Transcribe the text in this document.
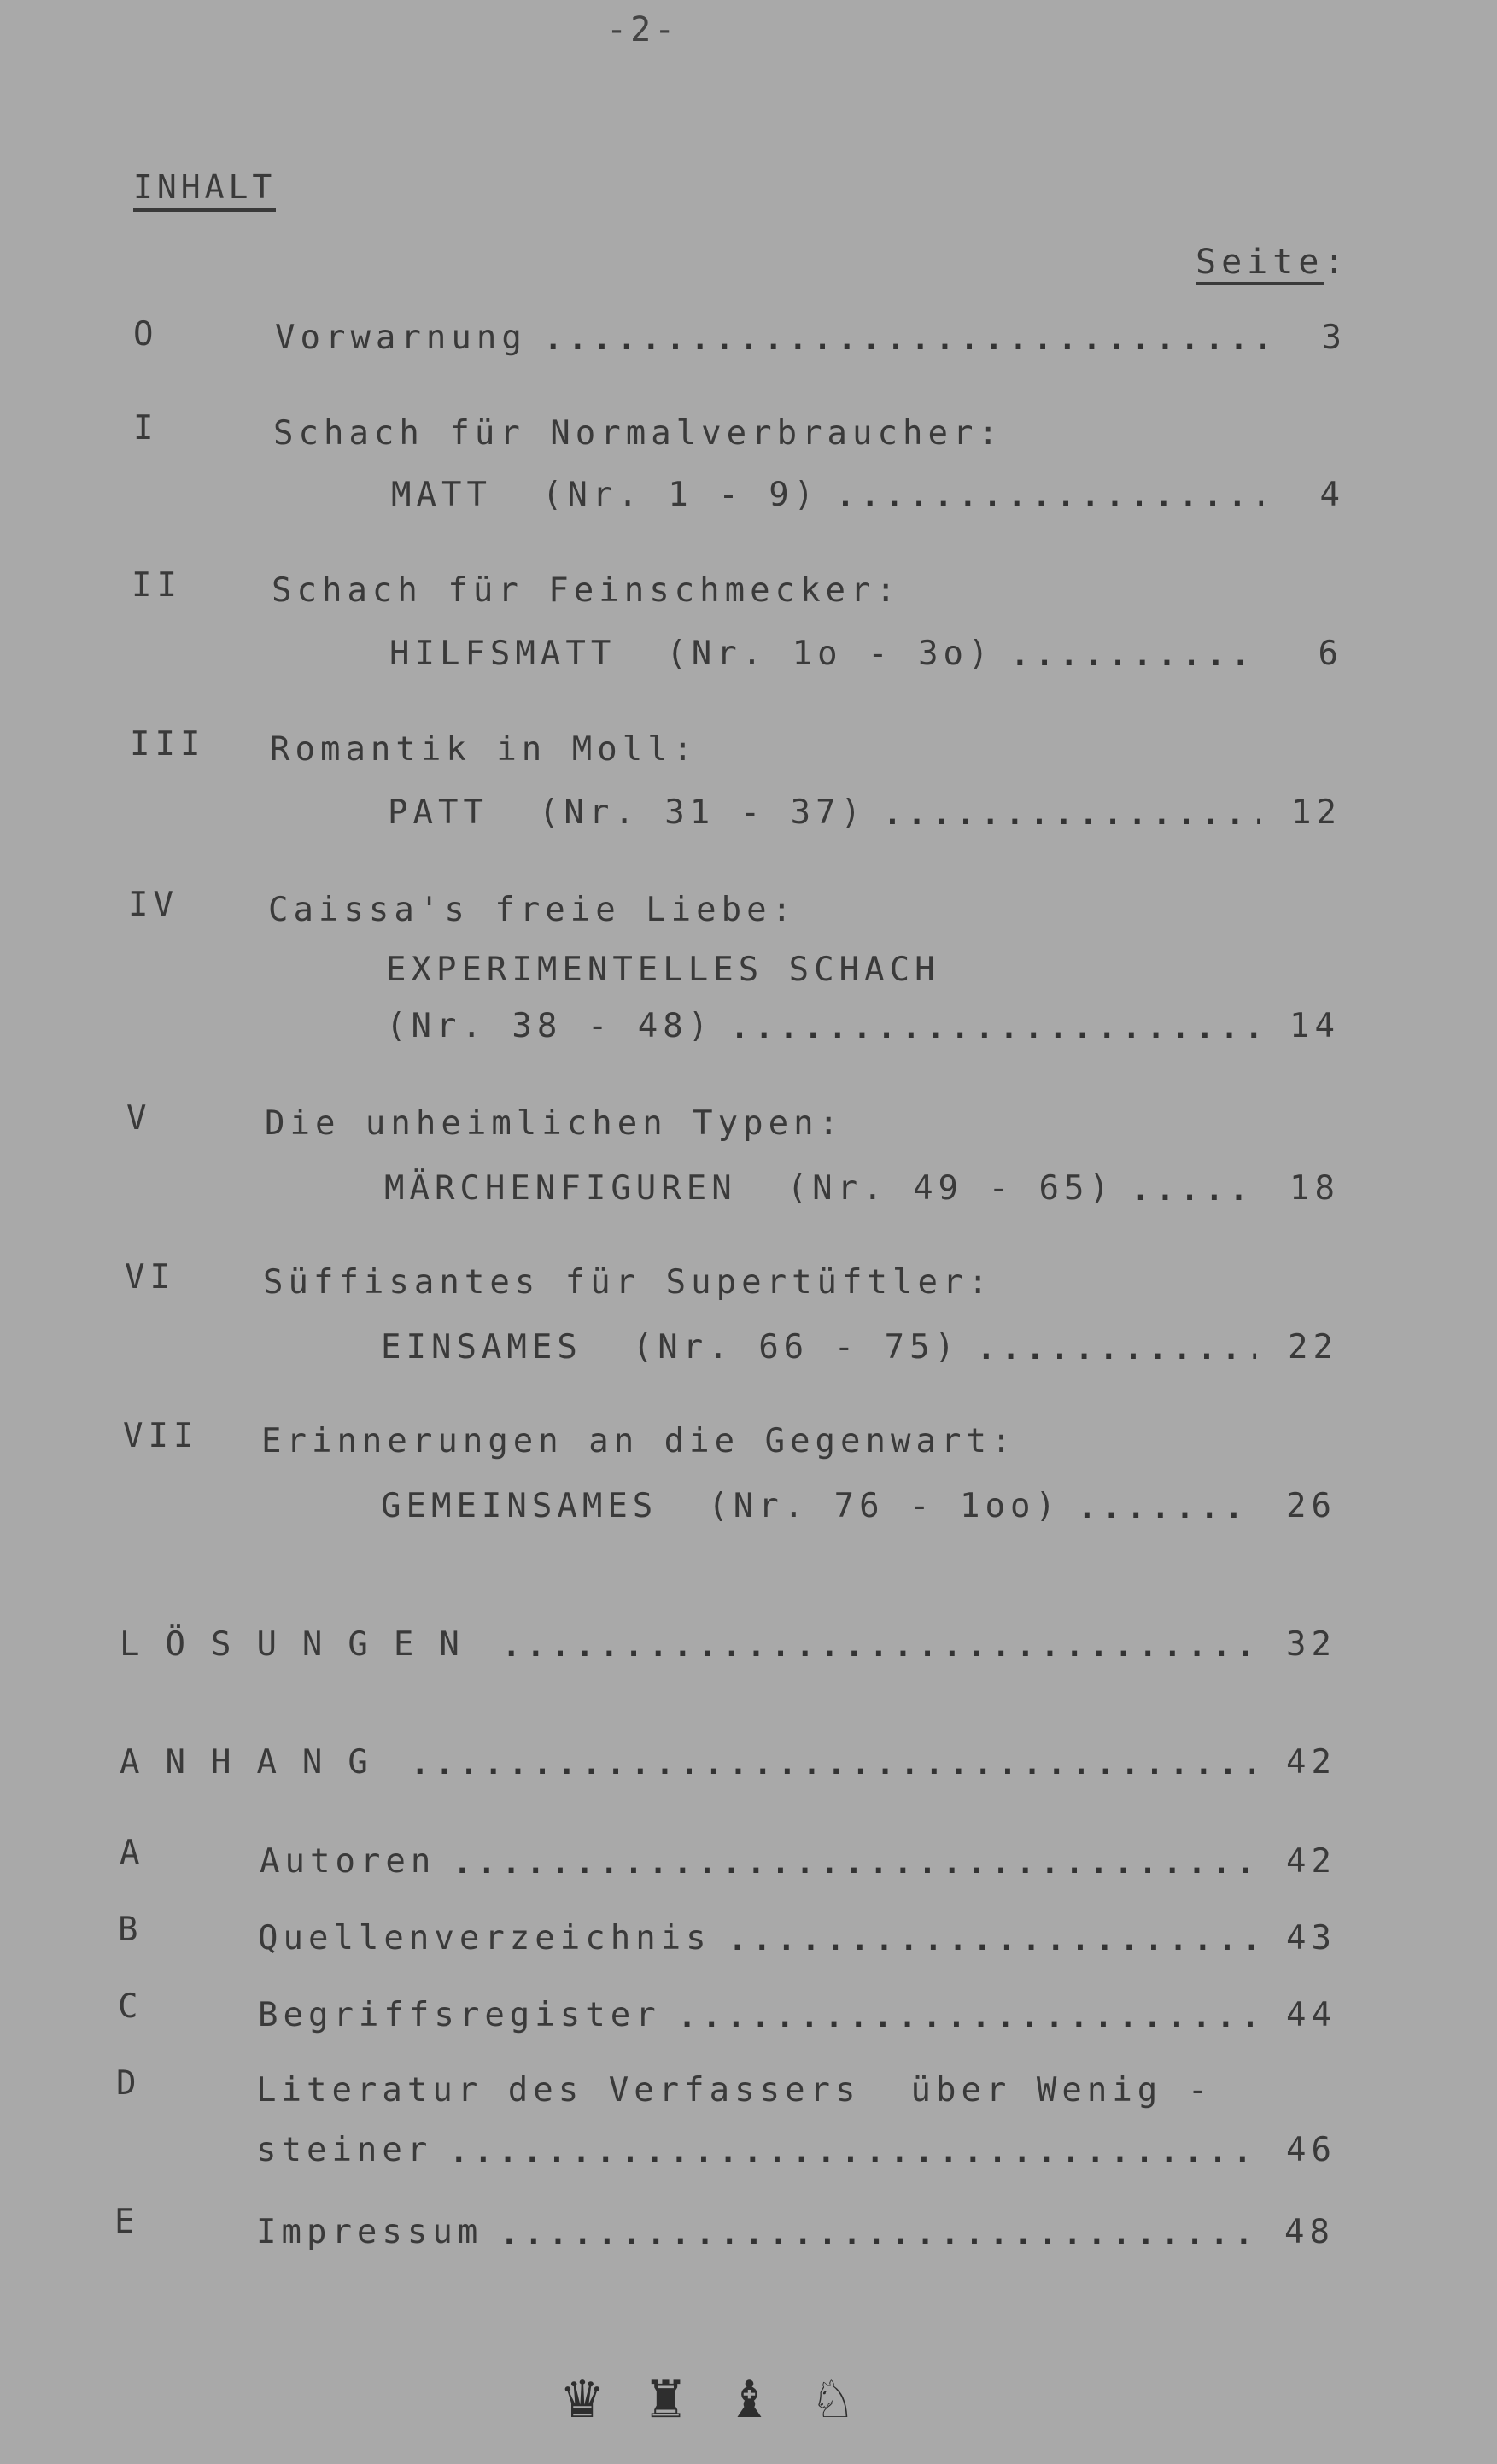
-2-
INHALT
Seite:
O	Vorwarnung .....	3
I	Schach für Normalverbraucher:
MATT  (Nr. 1 - 9) .....	4
II	Schach für Feinschmecker:
HILFSMATT  (Nr. 1o - 3o) .....	6
III Romantik in Moll:
PATT  (Nr. 31 - 37) .....	12
IV	Caissa's freie Liebe:
EXPERIMENTELLES SCHACH
(Nr. 38 - 48) .....	14
V	Die unheimlichen Typen:
MÄRCHENFIGUREN  (Nr. 49 - 65) .....	18
VI	Süffisantes für Supertüftler:
EINSAMES  (Nr. 66 - 75) .....	22
VII Erinnerungen an die Gegenwart:
GEMEINSAMES  (Nr. 76 - 1oo) .....	26
LÖSUNGEN .....	32
ANHANG .....	42
A	Autoren .....	42
B	Quellenverzeichnis .....	43
C	Begriffsregister .....	44
D	Literatur des Verfassers  über Wenig -
steiner .....	46
E	Impressum .....	48
♛ ♜ ♝ ♘
